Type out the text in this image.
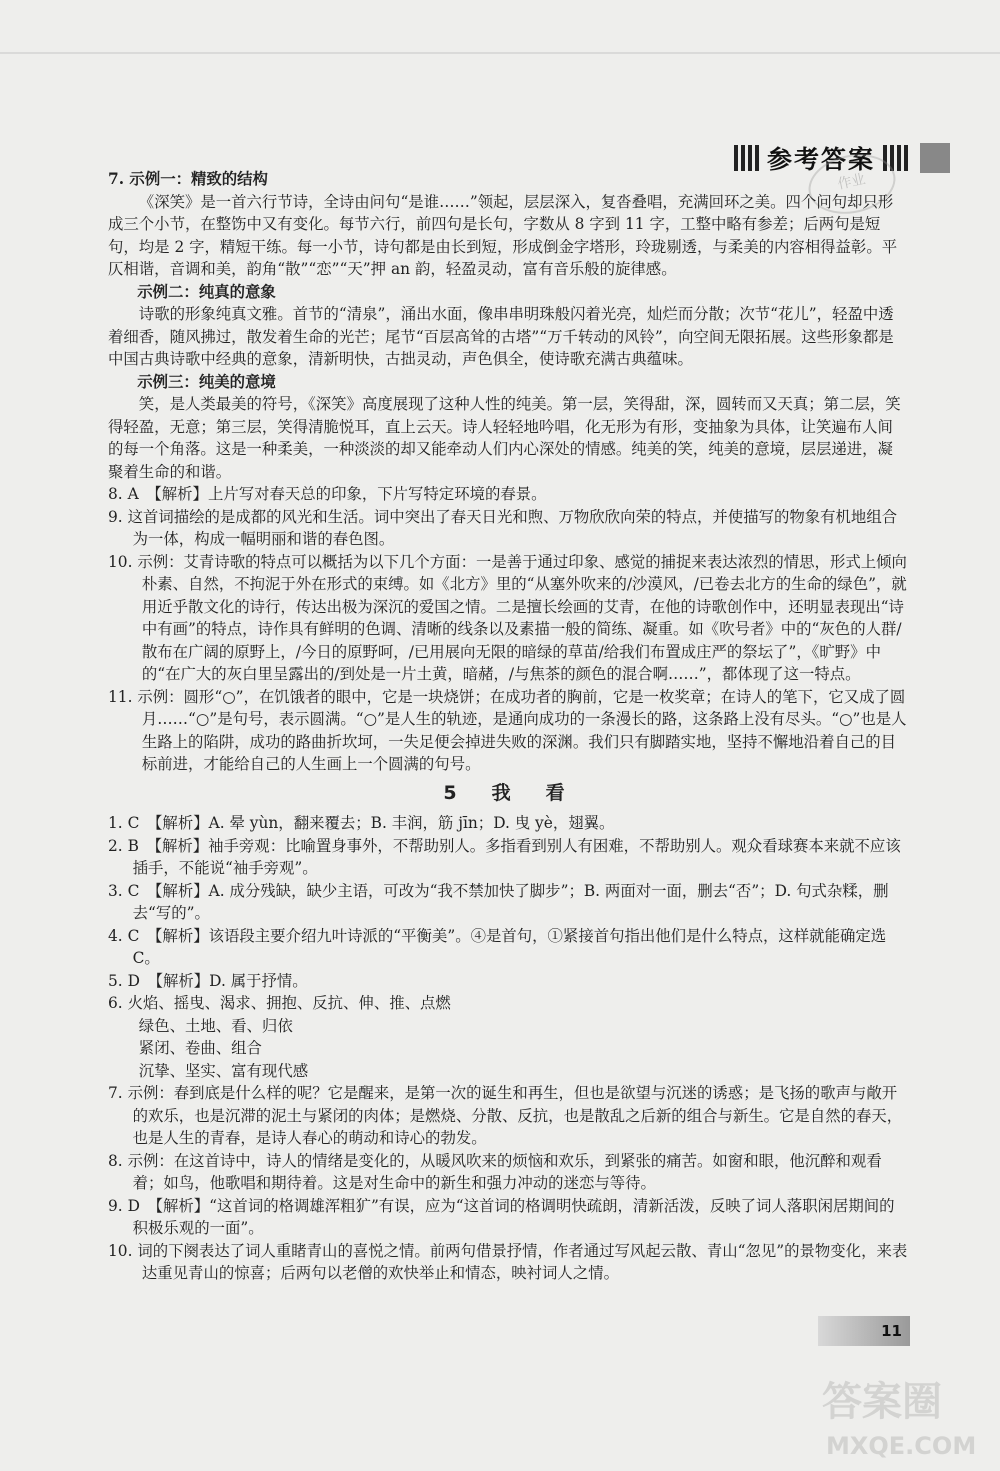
参考答案
作业

7. 示例一：精致的结构

《深笑》是一首六行节诗，全诗由问句“是谁……”领起，层层深入，复沓叠唱，充满回环之美。四个问句却只形成三个小节，在整饬中又有变化。每节六行，前四句是长句，字数从 8 字到 11 字，工整中略有参差；后两句是短句，均是 2 字，精短干练。每一小节，诗句都是由长到短，形成倒金字塔形，玲珑剔透，与柔美的内容相得益彰。平仄相谐，音调和美，韵角“散”“恋”“天”押 an 韵，轻盈灵动，富有音乐般的旋律感。

示例二：纯真的意象

诗歌的形象纯真文雅。首节的“清泉”，涌出水面，像串串明珠般闪着光亮，灿烂而分散；次节“花儿”，轻盈中透着细香，随风拂过，散发着生命的光芒；尾节“百层高耸的古塔”“万千转动的风铃”，向空间无限拓展。这些形象都是中国古典诗歌中经典的意象，清新明快，古拙灵动，声色俱全，使诗歌充满古典蕴味。

示例三：纯美的意境

笑，是人类最美的符号，《深笑》高度展现了这种人性的纯美。第一层，笑得甜，深，圆转而又天真；第二层，笑得轻盈，无意；第三层，笑得清脆悦耳，直上云天。诗人轻轻地吟唱，化无形为有形，变抽象为具体，让笑遍布人间的每一个角落。这是一种柔美，一种淡淡的却又能牵动人们内心深处的情感。纯美的笑，纯美的意境，层层递进，凝聚着生命的和谐。

8. A　【解析】上片写对春天总的印象，下片写特定环境的春景。

9. 这首词描绘的是成都的风光和生活。词中突出了春天日光和煦、万物欣欣向荣的特点，并使描写的物象有机地组合为一体，构成一幅明丽和谐的春色图。

10. 示例：艾青诗歌的特点可以概括为以下几个方面：一是善于通过印象、感觉的捕捉来表达浓烈的情思，形式上倾向朴素、自然，不拘泥于外在形式的束缚。如《北方》里的“从塞外吹来的/沙漠风，/已卷去北方的生命的绿色”，就用近乎散文化的诗行，传达出极为深沉的爱国之情。二是擅长绘画的艾青，在他的诗歌创作中，还明显表现出“诗中有画”的特点，诗作具有鲜明的色调、清晰的线条以及素描一般的简练、凝重。如《吹号者》中的“灰色的人群/散布在广阔的原野上，/今日的原野呵，/已用展向无限的暗绿的草苗/给我们布置成庄严的祭坛了”，《旷野》中的“在广大的灰白里呈露出的/到处是一片土黄，暗赭，/与焦茶的颜色的混合啊……”，都体现了这一特点。

11. 示例：圆形“○”，在饥饿者的眼中，它是一块烧饼；在成功者的胸前，它是一枚奖章；在诗人的笔下，它又成了圆月……“○”是句号，表示圆满。“○”是人生的轨迹，是通向成功的一条漫长的路，这条路上没有尽头。“○”也是人生路上的陷阱，成功的路曲折坎坷，一失足便会掉进失败的深渊。我们只有脚踏实地，坚持不懈地沿着自己的目标前进，才能给自己的人生画上一个圆满的句号。

5　我　看

1. C　【解析】A. 晕 yùn，翻来覆去；B. 丰润，筋 jīn；D. 曳 yè，翅翼。

2. B　【解析】袖手旁观：比喻置身事外，不帮助别人。多指看到别人有困难，不帮助别人。观众看球赛本来就不应该插手，不能说“袖手旁观”。

3. C　【解析】A. 成分残缺，缺少主语，可改为“我不禁加快了脚步”；B. 两面对一面，删去“否”；D. 句式杂糅，删去“写的”。

4. C　【解析】该语段主要介绍九叶诗派的“平衡美”。④是首句，①紧接首句指出他们是什么特点，这样就能确定选 C。

5. D　【解析】D. 属于抒情。

6. 火焰、摇曳、渴求、拥抱、反抗、伸、推、点燃

绿色、土地、看、归依

紧闭、卷曲、组合

沉挚、坚实、富有现代感

7. 示例：春到底是什么样的呢？它是醒来，是第一次的诞生和再生，但也是欲望与沉迷的诱惑；是飞扬的歌声与敞开的欢乐，也是沉滞的泥土与紧闭的肉体；是燃烧、分散、反抗，也是散乱之后新的组合与新生。它是自然的春天，也是人生的青春，是诗人春心的萌动和诗心的勃发。

8. 示例：在这首诗中，诗人的情绪是变化的，从暖风吹来的烦恼和欢乐，到紧张的痛苦。如窗和眼，他沉醉和观看着；如鸟，他歌唱和期待着。这是对生命中的新生和强力冲动的迷恋与等待。

9. D　【解析】“这首词的格调雄浑粗犷”有误，应为“这首词的格调明快疏朗，清新活泼，反映了词人落职闲居期间的积极乐观的一面”。

10. 词的下阕表达了词人重睹青山的喜悦之情。前两句借景抒情，作者通过写风起云散、青山“忽见”的景物变化，来表达重见青山的惊喜；后两句以老僧的欢快举止和情态，映衬词人之情。

11
答案圈
MXQE.COM
